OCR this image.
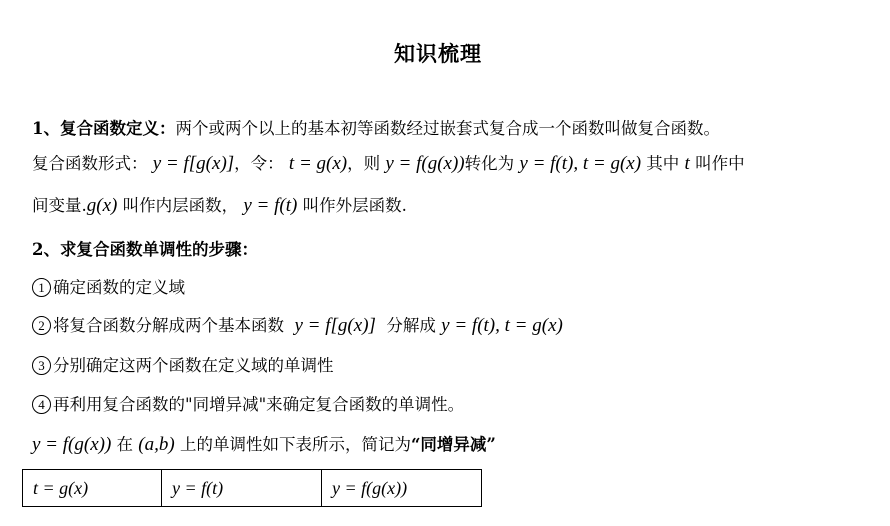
知识梳理
1、复合函数定义：两个或两个以上的基本初等函数经过嵌套式复合成一个函数叫做复合函数。
复合函数形式： y = f[g(x)]，令： t = g(x)，则 y = f(g(x))转化为 y = f(t), t = g(x) 其中 t 叫作中
间变量.g(x) 叫作内层函数， y = f(t) 叫作外层函数.
2、求复合函数单调性的步骤：
1 确定函数的定义域
2 将复合函数分解成两个基本函数 y = f[g(x)] 分解成 y = f(t), t = g(x)
3 分别确定这两个函数在定义域的单调性
4 再利用复合函数的"同增异减"来确定复合函数的单调性。
y = f(g(x)) 在 (a,b) 上的单调性如下表所示，简记为“同增异减”
t = g(x)	y = f(t)	y = f(g(x))
